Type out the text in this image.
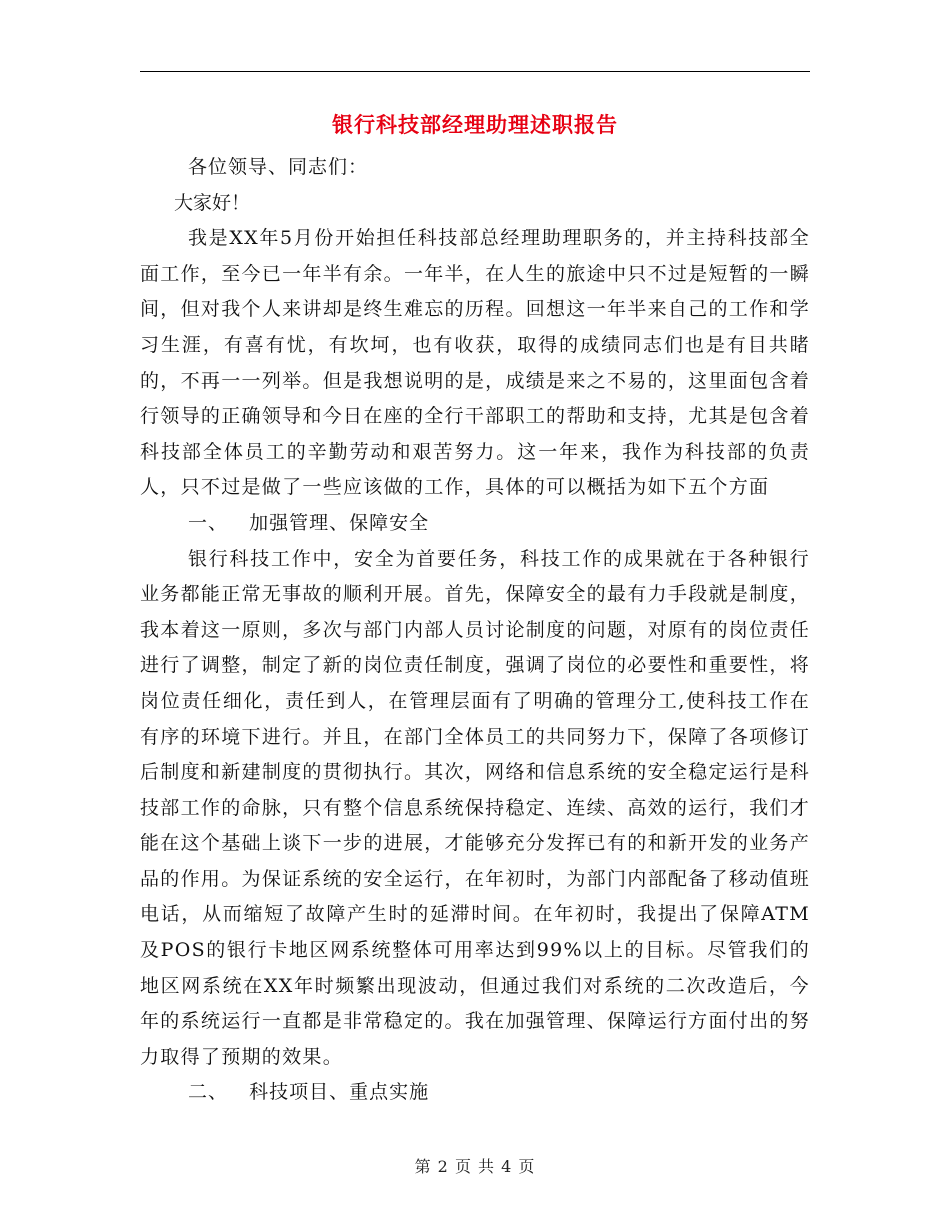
银行科技部经理助理述职报告

各位领导、同志们：

大家好！

我是XX年5月份开始担任科技部总经理助理职务的，并主持科技部全面工作，至今已一年半有余。一年半，在人生的旅途中只不过是短暂的一瞬间，但对我个人来讲却是终生难忘的历程。回想这一年半来自己的工作和学习生涯，有喜有忧，有坎坷，也有收获，取得的成绩同志们也是有目共睹的，不再一一列举。但是我想说明的是，成绩是来之不易的，这里面包含着行领导的正确领导和今日在座的全行干部职工的帮助和支持，尤其是包含着科技部全体员工的辛勤劳动和艰苦努力。这一年来，我作为科技部的负责人，只不过是做了一些应该做的工作，具体的可以概括为如下五个方面

一、   加强管理、保障安全

银行科技工作中，安全为首要任务，科技工作的成果就在于各种银行业务都能正常无事故的顺利开展。首先，保障安全的最有力手段就是制度，我本着这一原则，多次与部门内部人员讨论制度的问题，对原有的岗位责任进行了调整，制定了新的岗位责任制度，强调了岗位的必要性和重要性，将岗位责任细化，责任到人，在管理层面有了明确的管理分工,使科技工作在有序的环境下进行。并且，在部门全体员工的共同努力下，保障了各项修订后制度和新建制度的贯彻执行。其次，网络和信息系统的安全稳定运行是科技部工作的命脉，只有整个信息系统保持稳定、连续、高效的运行，我们才能在这个基础上谈下一步的进展，才能够充分发挥已有的和新开发的业务产品的作用。为保证系统的安全运行，在年初时，为部门内部配备了移动值班电话，从而缩短了故障产生时的延滞时间。在年初时，我提出了保障ATM及POS的银行卡地区网系统整体可用率达到99%以上的目标。尽管我们的地区网系统在XX年时频繁出现波动，但通过我们对系统的二次改造后，今年的系统运行一直都是非常稳定的。我在加强管理、保障运行方面付出的努力取得了预期的效果。

二、   科技项目、重点实施

第 2 页 共 4 页
